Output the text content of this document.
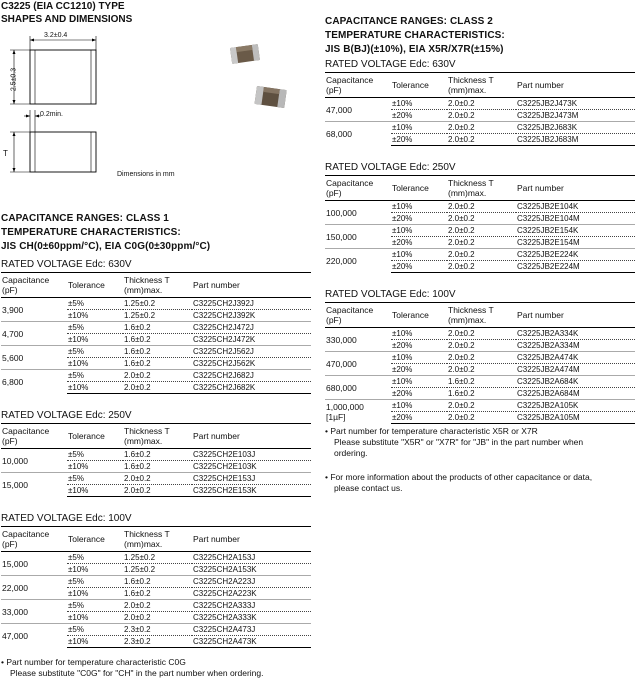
C3225 (EIA CC1210) TYPE
SHAPES AND DIMENSIONS
3.2±0.4
2.5±0.3
0.2min.
T
Dimensions in mm
CAPACITANCE RANGES: CLASS 1
TEMPERATURE CHARACTERISTICS:
JIS CH(0±60ppm/°C), EIA C0G(0±30ppm/°C)
RATED VOLTAGE Edc: 630V
Capacitance
(pF)	Tolerance	Thickness T
(mm)max.	Part number
3,900	±5%	1.25±0.2	C3225CH2J392J
	±10%	1.25±0.2	C3225CH2J392K
4,700	±5%	1.6±0.2	C3225CH2J472J
	±10%	1.6±0.2	C3225CH2J472K
5,600	±5%	1.6±0.2	C3225CH2J562J
	±10%	1.6±0.2	C3225CH2J562K
6,800	±5%	2.0±0.2	C3225CH2J682J
	±10%	2.0±0.2	C3225CH2J682K
RATED VOLTAGE Edc: 250V
Capacitance
(pF)	Tolerance	Thickness T
(mm)max.	Part number
10,000	±5%	1.6±0.2	C3225CH2E103J
	±10%	1.6±0.2	C3225CH2E103K
15,000	±5%	2.0±0.2	C3225CH2E153J
	±10%	2.0±0.2	C3225CH2E153K
RATED VOLTAGE Edc: 100V
Capacitance
(pF)	Tolerance	Thickness T
(mm)max.	Part number
15,000	±5%	1.25±0.2	C3225CH2A153J
	±10%	1.25±0.2	C3225CH2A153K
22,000	±5%	1.6±0.2	C3225CH2A223J
	±10%	1.6±0.2	C3225CH2A223K
33,000	±5%	2.0±0.2	C3225CH2A333J
	±10%	2.0±0.2	C3225CH2A333K
47,000	±5%	2.3±0.2	C3225CH2A473J
	±10%	2.3±0.2	C3225CH2A473K
• Part number for temperature characteristic C0G
Please substitute "C0G" for "CH" in the part number when ordering.
CAPACITANCE RANGES: CLASS 2
TEMPERATURE CHARACTERISTICS:
JIS B(BJ)(±10%), EIA X5R/X7R(±15%)
RATED VOLTAGE Edc: 630V
Capacitance
(pF)	Tolerance	Thickness T
(mm)max.	Part number
47,000	±10%	2.0±0.2	C3225JB2J473K
	±20%	2.0±0.2	C3225JB2J473M
68,000	±10%	2.0±0.2	C3225JB2J683K
	±20%	2.0±0.2	C3225JB2J683M
RATED VOLTAGE Edc: 250V
Capacitance
(pF)	Tolerance	Thickness T
(mm)max.	Part number
100,000	±10%	2.0±0.2	C3225JB2E104K
	±20%	2.0±0.2	C3225JB2E104M
150,000	±10%	2.0±0.2	C3225JB2E154K
	±20%	2.0±0.2	C3225JB2E154M
220,000	±10%	2.0±0.2	C3225JB2E224K
	±20%	2.0±0.2	C3225JB2E224M
RATED VOLTAGE Edc: 100V
Capacitance
(pF)	Tolerance	Thickness T
(mm)max.	Part number
330,000	±10%	2.0±0.2	C3225JB2A334K
	±20%	2.0±0.2	C3225JB2A334M
470,000	±10%	2.0±0.2	C3225JB2A474K
	±20%	2.0±0.2	C3225JB2A474M
680,000	±10%	1.6±0.2	C3225JB2A684K
	±20%	1.6±0.2	C3225JB2A684M
1,000,000
[1µF]	±10%	2.0±0.2	C3225JB2A105K
	±20%	2.0±0.2	C3225JB2A105M
• Part number for temperature characteristic X5R or X7R
Please substitute "X5R" or "X7R" for "JB" in the part number when
ordering.
• For more information about the products of other capacitance or data,
please contact us.
